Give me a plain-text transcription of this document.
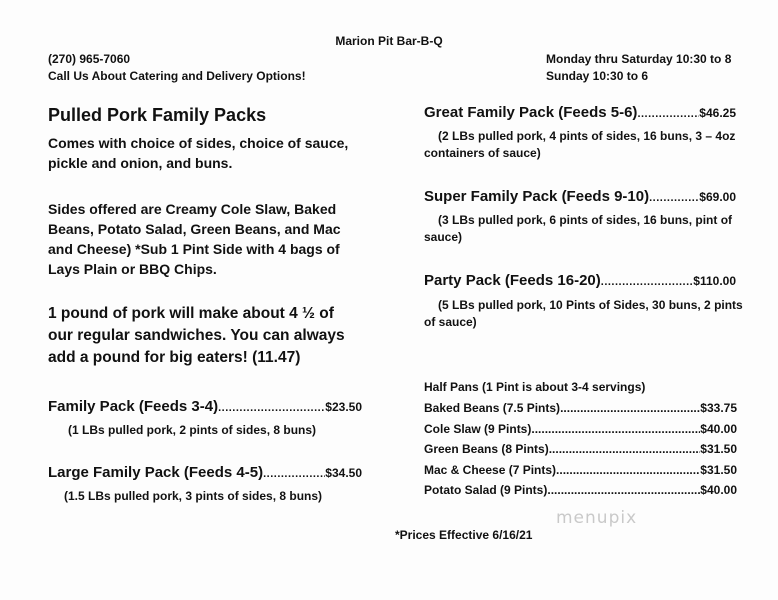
Marion Pit Bar-B-Q
(270) 965-7060
Call Us About Catering and Delivery Options!
Monday thru Saturday 10:30 to 8
Sunday 10:30 to 6
Pulled Pork Family Packs
Comes with choice of sides, choice of sauce, pickle and onion, and buns.
Sides offered are Creamy Cole Slaw, Baked Beans, Potato Salad, Green Beans, and Mac and Cheese) *Sub 1 Pint Side with 4 bags of Lays Plain or BBQ Chips.
1 pound of pork will make about 4 ½ of our regular sandwiches. You can always add a pound for big eaters! (11.47)
Family Pack (Feeds 3-4) .....	$23.50
(1 LBs pulled pork, 2 pints of sides, 8 buns)
Large Family Pack (Feeds 4-5) .....	$34.50
(1.5 LBs pulled pork, 3 pints of sides, 8 buns)
Great Family Pack (Feeds 5-6) .....	$46.25
(2 LBs pulled pork, 4 pints of sides, 16 buns, 3 – 4oz containers of sauce)
Super Family Pack (Feeds 9-10) .....	$69.00
(3 LBs pulled pork, 6 pints of sides, 16 buns, pint of sauce)
Party Pack (Feeds 16-20) .....	$110.00
(5 LBs pulled pork, 10 Pints of Sides, 30 buns, 2 pints of sauce)
Half Pans (1 Pint is about 3-4 servings)
Baked Beans (7.5 Pints) .....	$33.75
Cole Slaw (9 Pints) .....	$40.00
Green Beans (8 Pints) .....	$31.50
Mac & Cheese (7 Pints) .....	$31.50
Potato Salad (9 Pints) .....	$40.00
*Prices Effective 6/16/21
menupix
